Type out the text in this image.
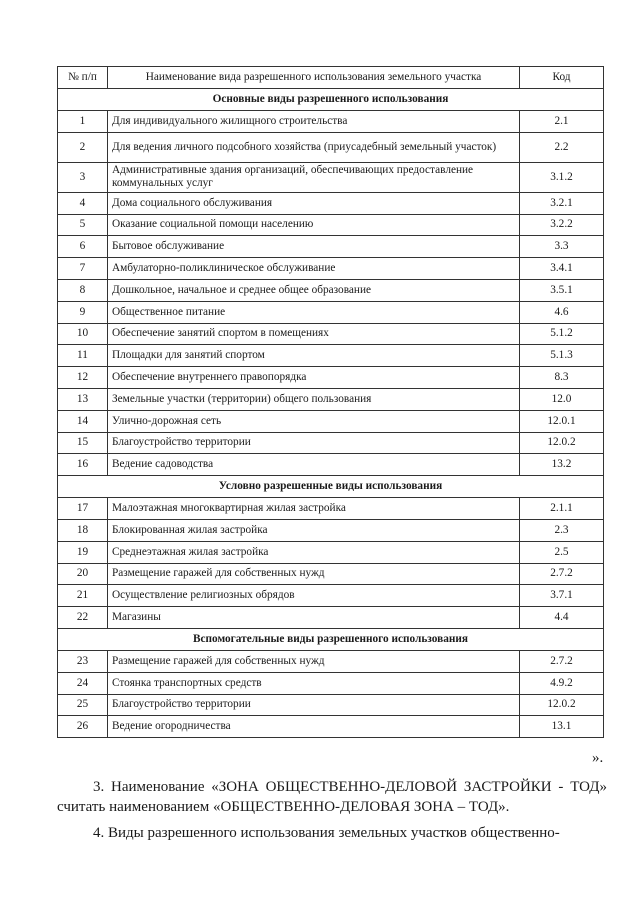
№ п/п	Наименование вида разрешенного использования земельного участка	Код
Основные виды разрешенного использования		
1	Для индивидуального жилищного строительства	2.1
2	Для ведения личного подсобного хозяйства (приусадебный земельный участок)	2.2
3	Административные здания организаций, обеспечивающих предоставление коммунальных услуг	3.1.2
4	Дома социального обслуживания	3.2.1
5	Оказание социальной помощи населению	3.2.2
6	Бытовое обслуживание	3.3
7	Амбулаторно-поликлиническое обслуживание	3.4.1
8	Дошкольное, начальное и среднее общее образование	3.5.1
9	Общественное питание	4.6
10	Обеспечение занятий спортом в помещениях	5.1.2
11	Площадки для занятий спортом	5.1.3
12	Обеспечение внутреннего правопорядка	8.3
13	Земельные участки (территории) общего пользования	12.0
14	Улично-дорожная сеть	12.0.1
15	Благоустройство территории	12.0.2
16	Ведение садоводства	13.2
Условно разрешенные виды использования		
17	Малоэтажная многоквартирная жилая застройка	2.1.1
18	Блокированная жилая застройка	2.3
19	Среднеэтажная жилая застройка	2.5
20	Размещение гаражей для собственных нужд	2.7.2
21	Осуществление религиозных обрядов	3.7.1
22	Магазины	4.4
Вспомогательные виды разрешенного использования		
23	Размещение гаражей для собственных нужд	2.7.2
24	Стоянка транспортных средств	4.9.2
25	Благоустройство территории	12.0.2
26	Ведение огородничества	13.1
».
3. Наименование «ЗОНА ОБЩЕСТВЕННО-ДЕЛОВОЙ ЗАСТРОЙКИ - ТОД» считать наименованием «ОБЩЕСТВЕННО-ДЕЛОВАЯ ЗОНА – ТОД».
4. Виды разрешенного использования земельных участков общественно-
